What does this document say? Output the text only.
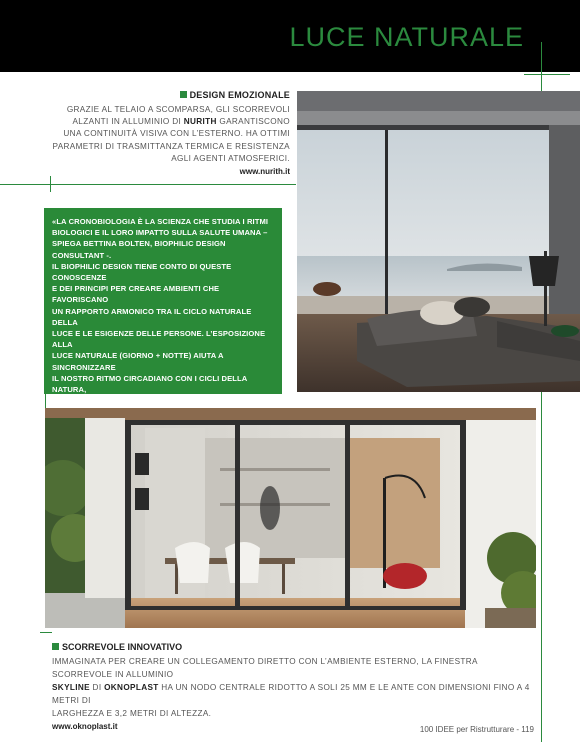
LUCE NATURALE
DESIGN EMOZIONALE
GRAZIE AL TELAIO A SCOMPARSA, GLI SCORREVOLI
ALZANTI IN ALLUMINIO DI NURITH GARANTISCONO
UNA CONTINUITÀ VISIVA CON L’ESTERNO. HA OTTIMI
PARAMETRI DI TRASMITTANZA TERMICA E RESISTENZA
AGLI AGENTI ATMOSFERICI.
www.nurith.it

«LA CRONOBIOLOGIA È LA SCIENZA CHE STUDIA I RITMI
BIOLOGICI E IL LORO IMPATTO SULLA SALUTE UMANA –
SPIEGA BETTINA BOLTEN, BIOPHILIC DESIGN CONSULTANT -.
IL BIOPHILIC DESIGN TIENE CONTO DI QUESTE CONOSCENZE
E DEI PRINCIPI PER CREARE AMBIENTI CHE FAVORISCANO
UN RAPPORTO ARMONICO TRA IL CICLO NATURALE DELLA
LUCE E LE ESIGENZE DELLE PERSONE. L’ESPOSIZIONE ALLA
LUCE NATURALE (GIORNO + NOTTE) AIUTA A SINCRONIZZARE
IL NOSTRO RITMO CIRCADIANO CON I CICLI DELLA NATURA,
MIGLIORANDO LE FUNZIONI COGNITIVE ED EMOTIVE. È

SCORREVOLE INNOVATIVO
IMMAGINATA PER CREARE UN COLLEGAMENTO DIRETTO CON L’AMBIENTE ESTERNO, LA FINESTRA SCORREVOLE IN ALLUMINIO
SKYLINE DI OKNOPLAST HA UN NODO CENTRALE RIDOTTO A SOLI 25 MM E LE ANTE CON DIMENSIONI FINO A 4 METRI DI
LARGHEZZA E 3,2 METRI DI ALTEZZA.
www.oknoplast.it	100 IDEE per Ristrutturare - 119
